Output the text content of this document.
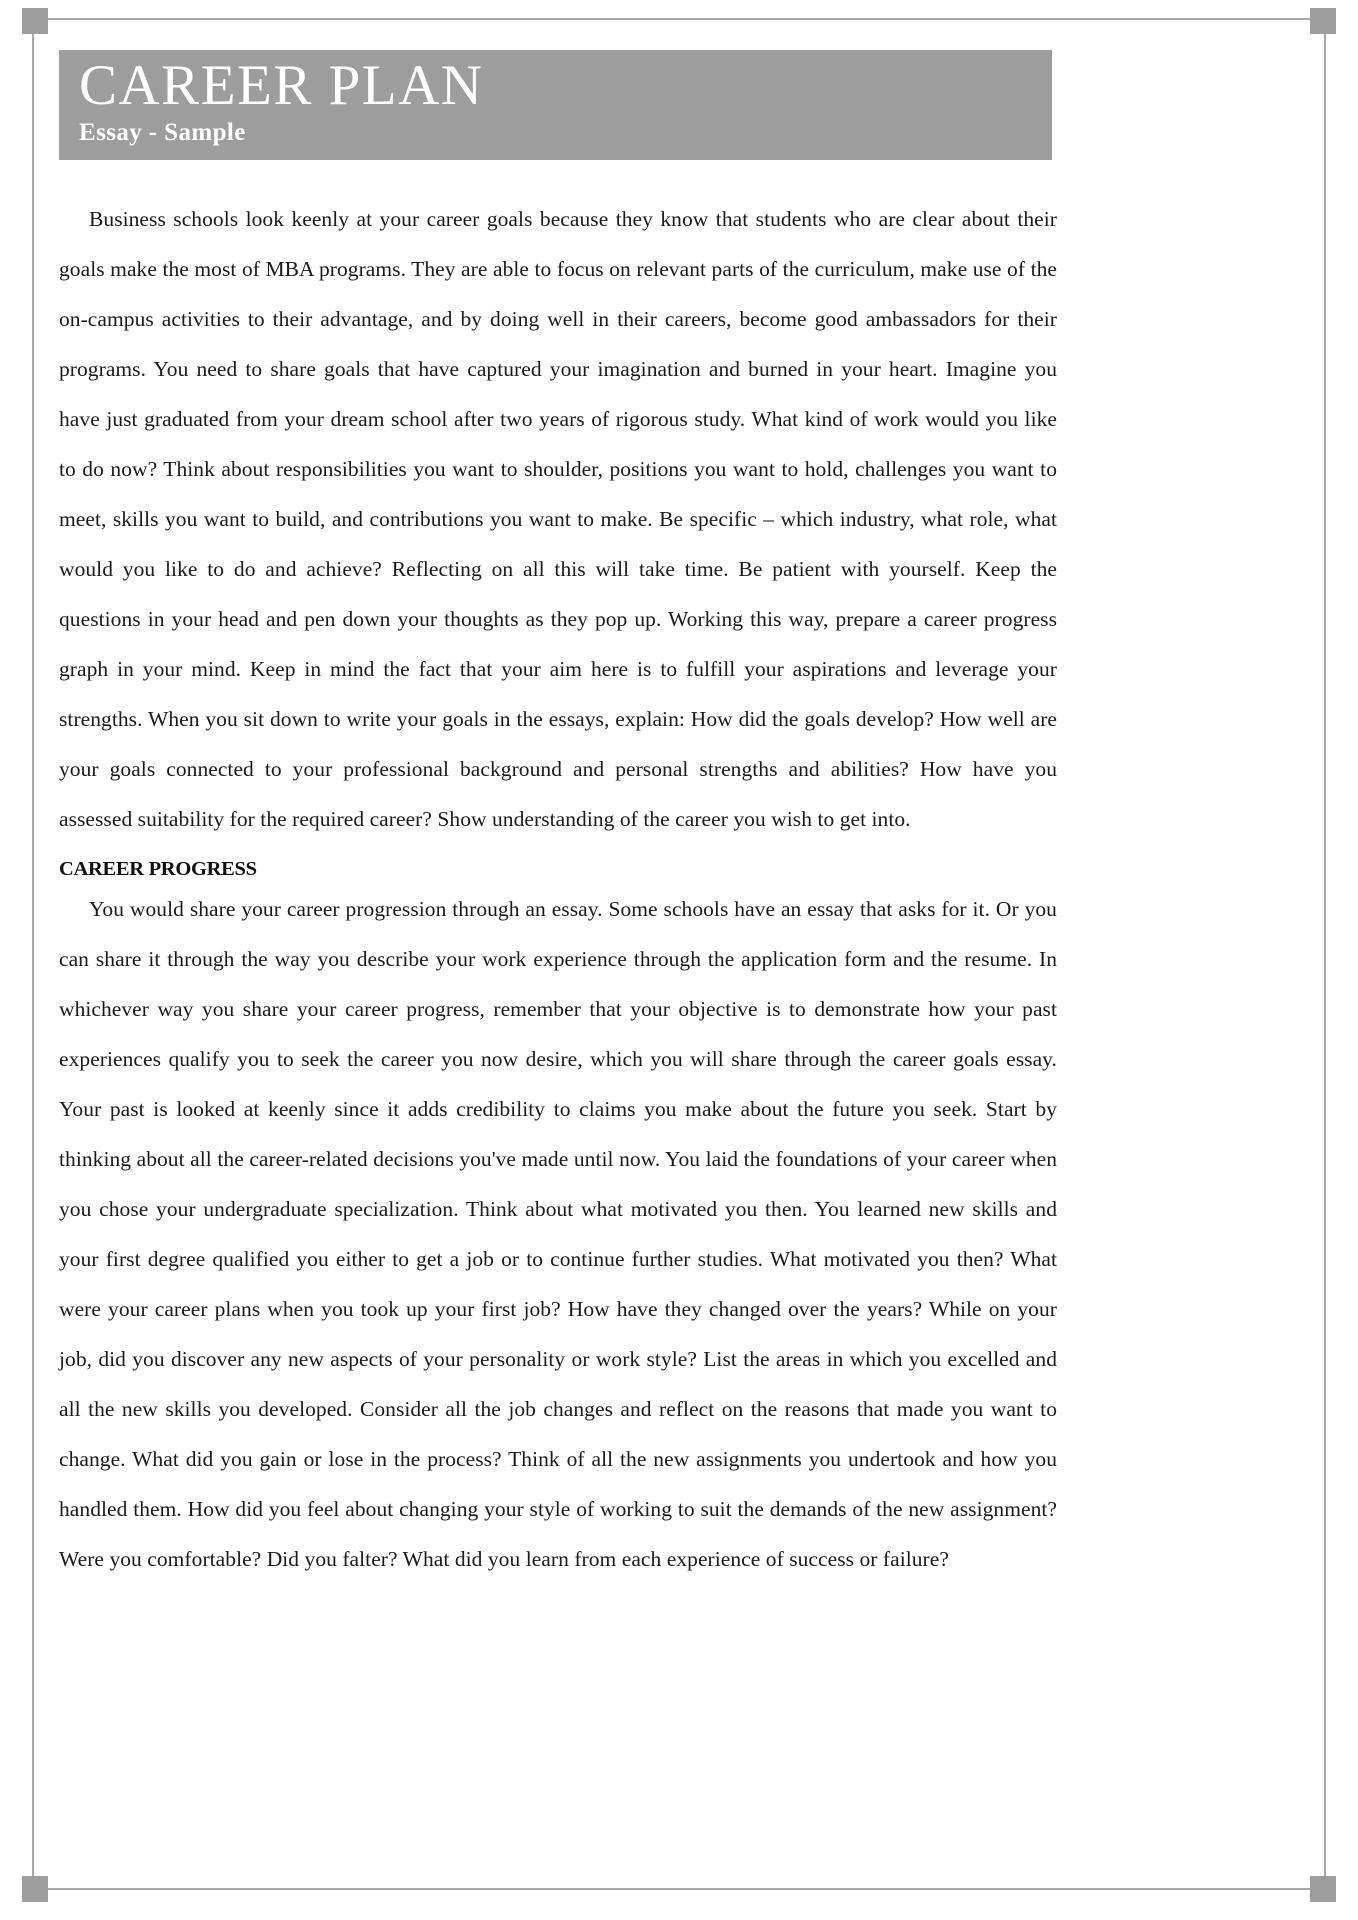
CAREER PLAN
Essay - Sample

Business schools look keenly at your career goals because they know that students who are clear about their goals make the most of MBA programs. They are able to focus on relevant parts of the curriculum, make use of the on-campus activities to their advantage, and by doing well in their careers, become good ambassadors for their programs. You need to share goals that have captured your imagination and burned in your heart. Imagine you have just graduated from your dream school after two years of rigorous study. What kind of work would you like to do now? Think about responsibilities you want to shoulder, positions you want to hold, challenges you want to meet, skills you want to build, and contributions you want to make. Be specific – which industry, what role, what would you like to do and achieve? Reflecting on all this will take time. Be patient with yourself. Keep the questions in your head and pen down your thoughts as they pop up. Working this way, prepare a career progress graph in your mind. Keep in mind the fact that your aim here is to fulfill your aspirations and leverage your strengths. When you sit down to write your goals in the essays, explain: How did the goals develop? How well are your goals connected to your professional background and personal strengths and abilities? How have you assessed suitability for the required career? Show understanding of the career you wish to get into.

CAREER PROGRESS

You would share your career progression through an essay. Some schools have an essay that asks for it. Or you can share it through the way you describe your work experience through the application form and the resume. In whichever way you share your career progress, remember that your objective is to demonstrate how your past experiences qualify you to seek the career you now desire, which you will share through the career goals essay. Your past is looked at keenly since it adds credibility to claims you make about the future you seek. Start by thinking about all the career-related decisions you've made until now. You laid the foundations of your career when you chose your undergraduate specialization. Think about what motivated you then. You learned new skills and your first degree qualified you either to get a job or to continue further studies. What motivated you then? What were your career plans when you took up your first job? How have they changed over the years? While on your job, did you discover any new aspects of your personality or work style? List the areas in which you excelled and all the new skills you developed. Consider all the job changes and reflect on the reasons that made you want to change. What did you gain or lose in the process? Think of all the new assignments you undertook and how you handled them. How did you feel about changing your style of working to suit the demands of the new assignment? Were you comfortable? Did you falter? What did you learn from each experience of success or failure?
